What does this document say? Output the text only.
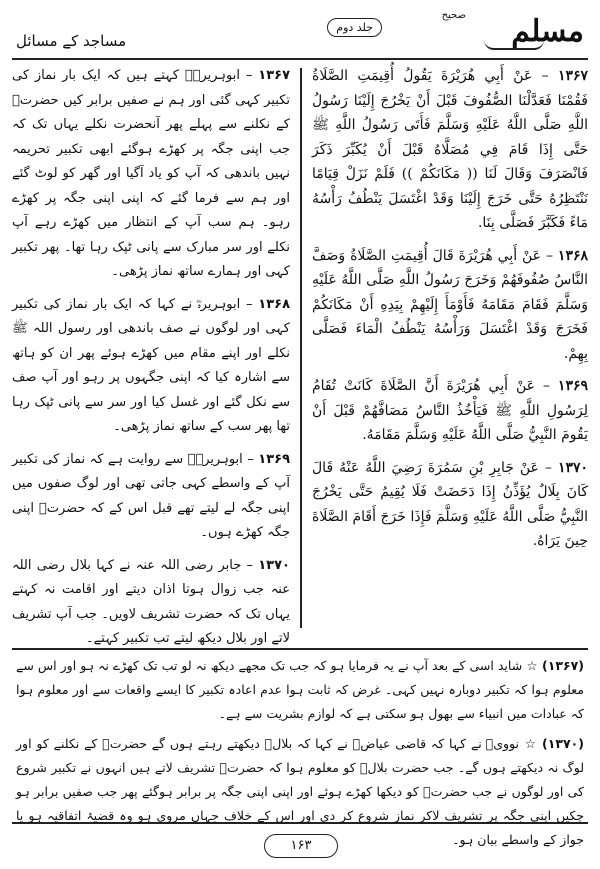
صحیح مسلم
جلد دوم
مساجد کے مسائل

۱۳۶۷ – عَنْ أَبِي هُرَيْرَةَ يَقُولُ أُقِيمَتِ الصَّلَاةُ فَقُمْنَا فَعَدَّلْنَا الصُّفُوفَ قَبْلَ أَنْ يَخْرُجَ إِلَيْنَا رَسُولُ اللَّهِ صَلَّى اللَّهُ عَلَيْهِ وَسَلَّمَ فَأَتَى رَسُولُ اللَّهِ ﷺ حَتَّى إِذَا قَامَ فِي مُصَلَّاهُ قَبْلَ أَنْ يُكَبِّرَ ذَكَرَ فَانْصَرَفَ وَقَالَ لَنَا (( مَكَانَكُمْ )) فَلَمْ نَزَلْ قِيَامًا نَنْتَظِرُهُ حَتَّى خَرَجَ إِلَيْنَا وَقَدْ اغْتَسَلَ يَنْطُفُ رَأْسُهُ مَاءً فَكَبَّرَ فَصَلَّى بِنَا.

۱۳۶۸ – عَنْ أَبِي هُرَيْرَةَ قَالَ أُقِيمَتِ الصَّلَاةُ وَصَفَّ النَّاسُ صُفُوفَهُمْ وَخَرَجَ رَسُولُ اللَّهِ صَلَّى اللَّهُ عَلَيْهِ وَسَلَّمَ فَقَامَ مَقَامَهُ فَأَوْمَأَ إِلَيْهِمْ بِيَدِهِ أَنْ مَكَانَكُمْ فَخَرَجَ وَقَدْ اغْتَسَلَ وَرَأْسُهُ يَنْطُفُ الْمَاءَ فَصَلَّى بِهِمْ.

۱۳۶۹ – عَنْ أَبِي هُرَيْرَةَ أَنَّ الصَّلَاةَ كَانَتْ تُقَامُ لِرَسُولِ اللَّهِ ﷺ فَيَأْخُذُ النَّاسُ مَصَافَّهُمْ قَبْلَ أَنْ يَقُومَ النَّبِيُّ صَلَّى اللَّهُ عَلَيْهِ وَسَلَّمَ مَقَامَهُ.

۱۳۷۰ – عَنْ جَابِرِ بْنِ سَمُرَةَ رَضِيَ اللَّهُ عَنْهُ قَالَ كَانَ بِلَالٌ يُؤَذِّنُ إِذَا دَحَضَتْ فَلَا يُقِيمُ حَتَّى يَخْرُجَ النَّبِيُّ صَلَّى اللَّهُ عَلَيْهِ وَسَلَّمَ فَإِذَا خَرَجَ أَقَامَ الصَّلَاةَ حِينَ يَرَاهُ.

۱۳۶۷ – ابوہریرہؓ کہتے ہیں کہ ایک بار نماز کی تکبیر کہی گئی اور ہم نے صفیں برابر کیں حضرتؐ کے نکلنے سے پہلے پھر آنحضرت نکلے یہاں تک کہ جب اپنی جگہ پر کھڑے ہوگئے ابھی تکبیر تحریمہ نہیں باندھی کہ آپ کو یاد آگیا اور گھر کو لوٹ گئے اور ہم سے فرما گئے کہ اپنی اپنی جگہ پر کھڑے رہو۔ ہم سب آپ کے انتظار میں کھڑے رہے آپ نکلے اور سر مبارک سے پانی ٹپک رہا تھا۔ پھر تکبیر کہی اور ہمارے ساتھ نماز پڑھی۔

۱۳۶۸ – ابوہریرہؓ نے کہا کہ ایک بار نماز کی تکبیر کہی اور لوگوں نے صف باندھی اور رسول اللہ ﷺ نکلے اور اپنے مقام میں کھڑے ہوئے پھر ان کو ہاتھ سے اشارہ کیا کہ اپنی جگہوں پر رہو اور آپ صف سے نکل گئے اور غسل کیا اور سر سے پانی ٹپک رہا تھا پھر سب کے ساتھ نماز پڑھی۔

۱۳۶۹ – ابوہریرہؓ سے روایت ہے کہ نماز کی تکبیر آپ کے واسطے کہی جاتی تھی اور لوگ صفوں میں اپنی جگہ لے لیتے تھے قبل اس کے کہ حضرتؐ اپنی جگہ کھڑے ہوں۔

۱۳۷۰ – جابر رضی اللہ عنہ نے کہا بلال رضی اللہ عنہ جب زوال ہوتا اذان دیتے اور اقامت نہ کہتے یہاں تک کہ حضرت تشریف لاویں۔ جب آپ تشریف لاتے اور بلال دیکھ لیتے تب تکبیر کہتے۔

(۱۳۶۷) ☆ شاید اسی کے بعد آپ نے یہ فرمایا ہو کہ جب تک مجھے دیکھ نہ لو تب تک کھڑے نہ ہو اور اس سے معلوم ہوا کہ تکبیر دوبارہ نہیں کہی۔ غرض کہ ثابت ہوا عدم اعادہ تکبیر کا ایسے واقعات سے اور معلوم ہوا کہ عبادات میں انبیاء سے بھول ہو سکتی ہے کہ لوازم بشریت سے ہے۔

(۱۳۷۰) ☆ نوویؒ نے کہا کہ قاضی عیاضؒ نے کہا کہ بلالؓ دیکھتے رہتے ہوں گے حضرتؐ کے نکلنے کو اور لوگ نہ دیکھتے ہوں گے۔ جب حضرت بلالؓ کو معلوم ہوا کہ حضرتؐ تشریف لاتے ہیں انہوں نے تکبیر شروع کی اور لوگوں نے جب حضرتؐ کو دیکھا کھڑے ہوئے اور اپنی اپنی جگہ پر برابر ہوگئے پھر جب صفیں برابر ہو چکیں اپنی جگہ پر تشریف لاکر نماز شروع کر دی اور اس کے خلاف جہاں مروی ہو وہ قضیۂ اتفاقیہ ہو یا جواز کے واسطے بیان ہو۔

۱۶۳
